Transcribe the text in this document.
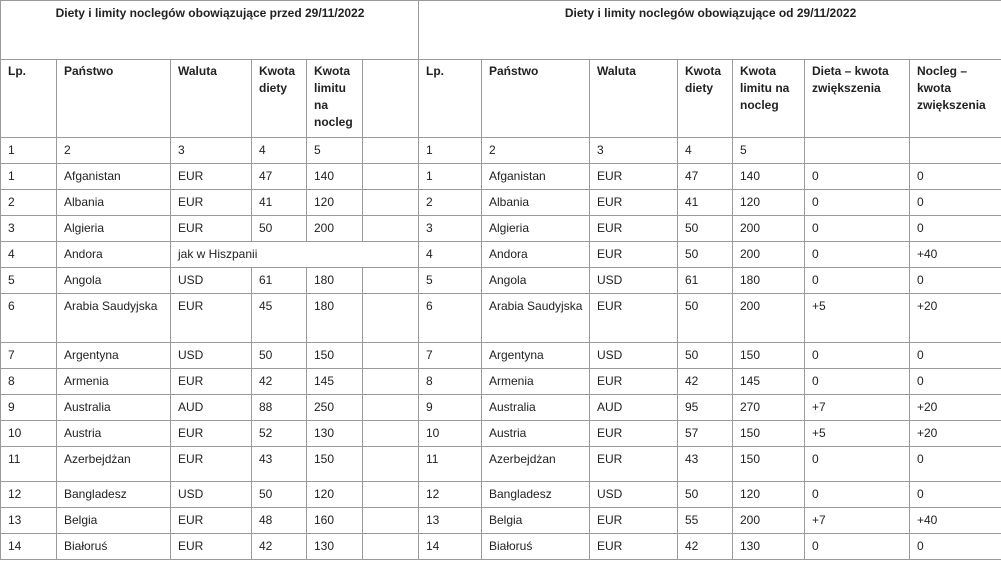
Diety i limity noclegów obowiązujące przed 29/11/2022						Diety i limity noclegów obowiązujące od 29/11/2022						

Lp.	Państwo	Waluta	Kwota diety	Kwota limitu na nocleg		Lp.	Państwo	Waluta	Kwota diety	Kwota limitu na nocleg	Dieta – kwota zwiększenia	Nocleg – kwota zwiększenia

1	2	3	4	5		1	2	3	4	5		

1	Afganistan	EUR	47	140		1	Afganistan	EUR	47	140	0	0

2	Albania	EUR	41	120		2	Albania	EUR	41	120	0	0

3	Algieria	EUR	50	200		3	Algieria	EUR	50	200	0	0

4	Andora	jak w Hiszpanii				4	Andora	EUR	50	200	0	+40

5	Angola	USD	61	180		5	Angola	USD	61	180	0	0

6	Arabia Saudyjska	EUR	45	180		6	Arabia Saudyjska	EUR	50	200	+5	+20

7	Argentyna	USD	50	150		7	Argentyna	USD	50	150	0	0

8	Armenia	EUR	42	145		8	Armenia	EUR	42	145	0	0

9	Australia	AUD	88	250		9	Australia	AUD	95	270	+7	+20

10	Austria	EUR	52	130		10	Austria	EUR	57	150	+5	+20

11	Azerbejdżan	EUR	43	150		11	Azerbejdżan	EUR	43	150	0	0

12	Bangladesz	USD	50	120		12	Bangladesz	USD	50	120	0	0

13	Belgia	EUR	48	160		13	Belgia	EUR	55	200	+7	+40

14	Białoruś	EUR	42	130		14	Białoruś	EUR	42	130	0	0
